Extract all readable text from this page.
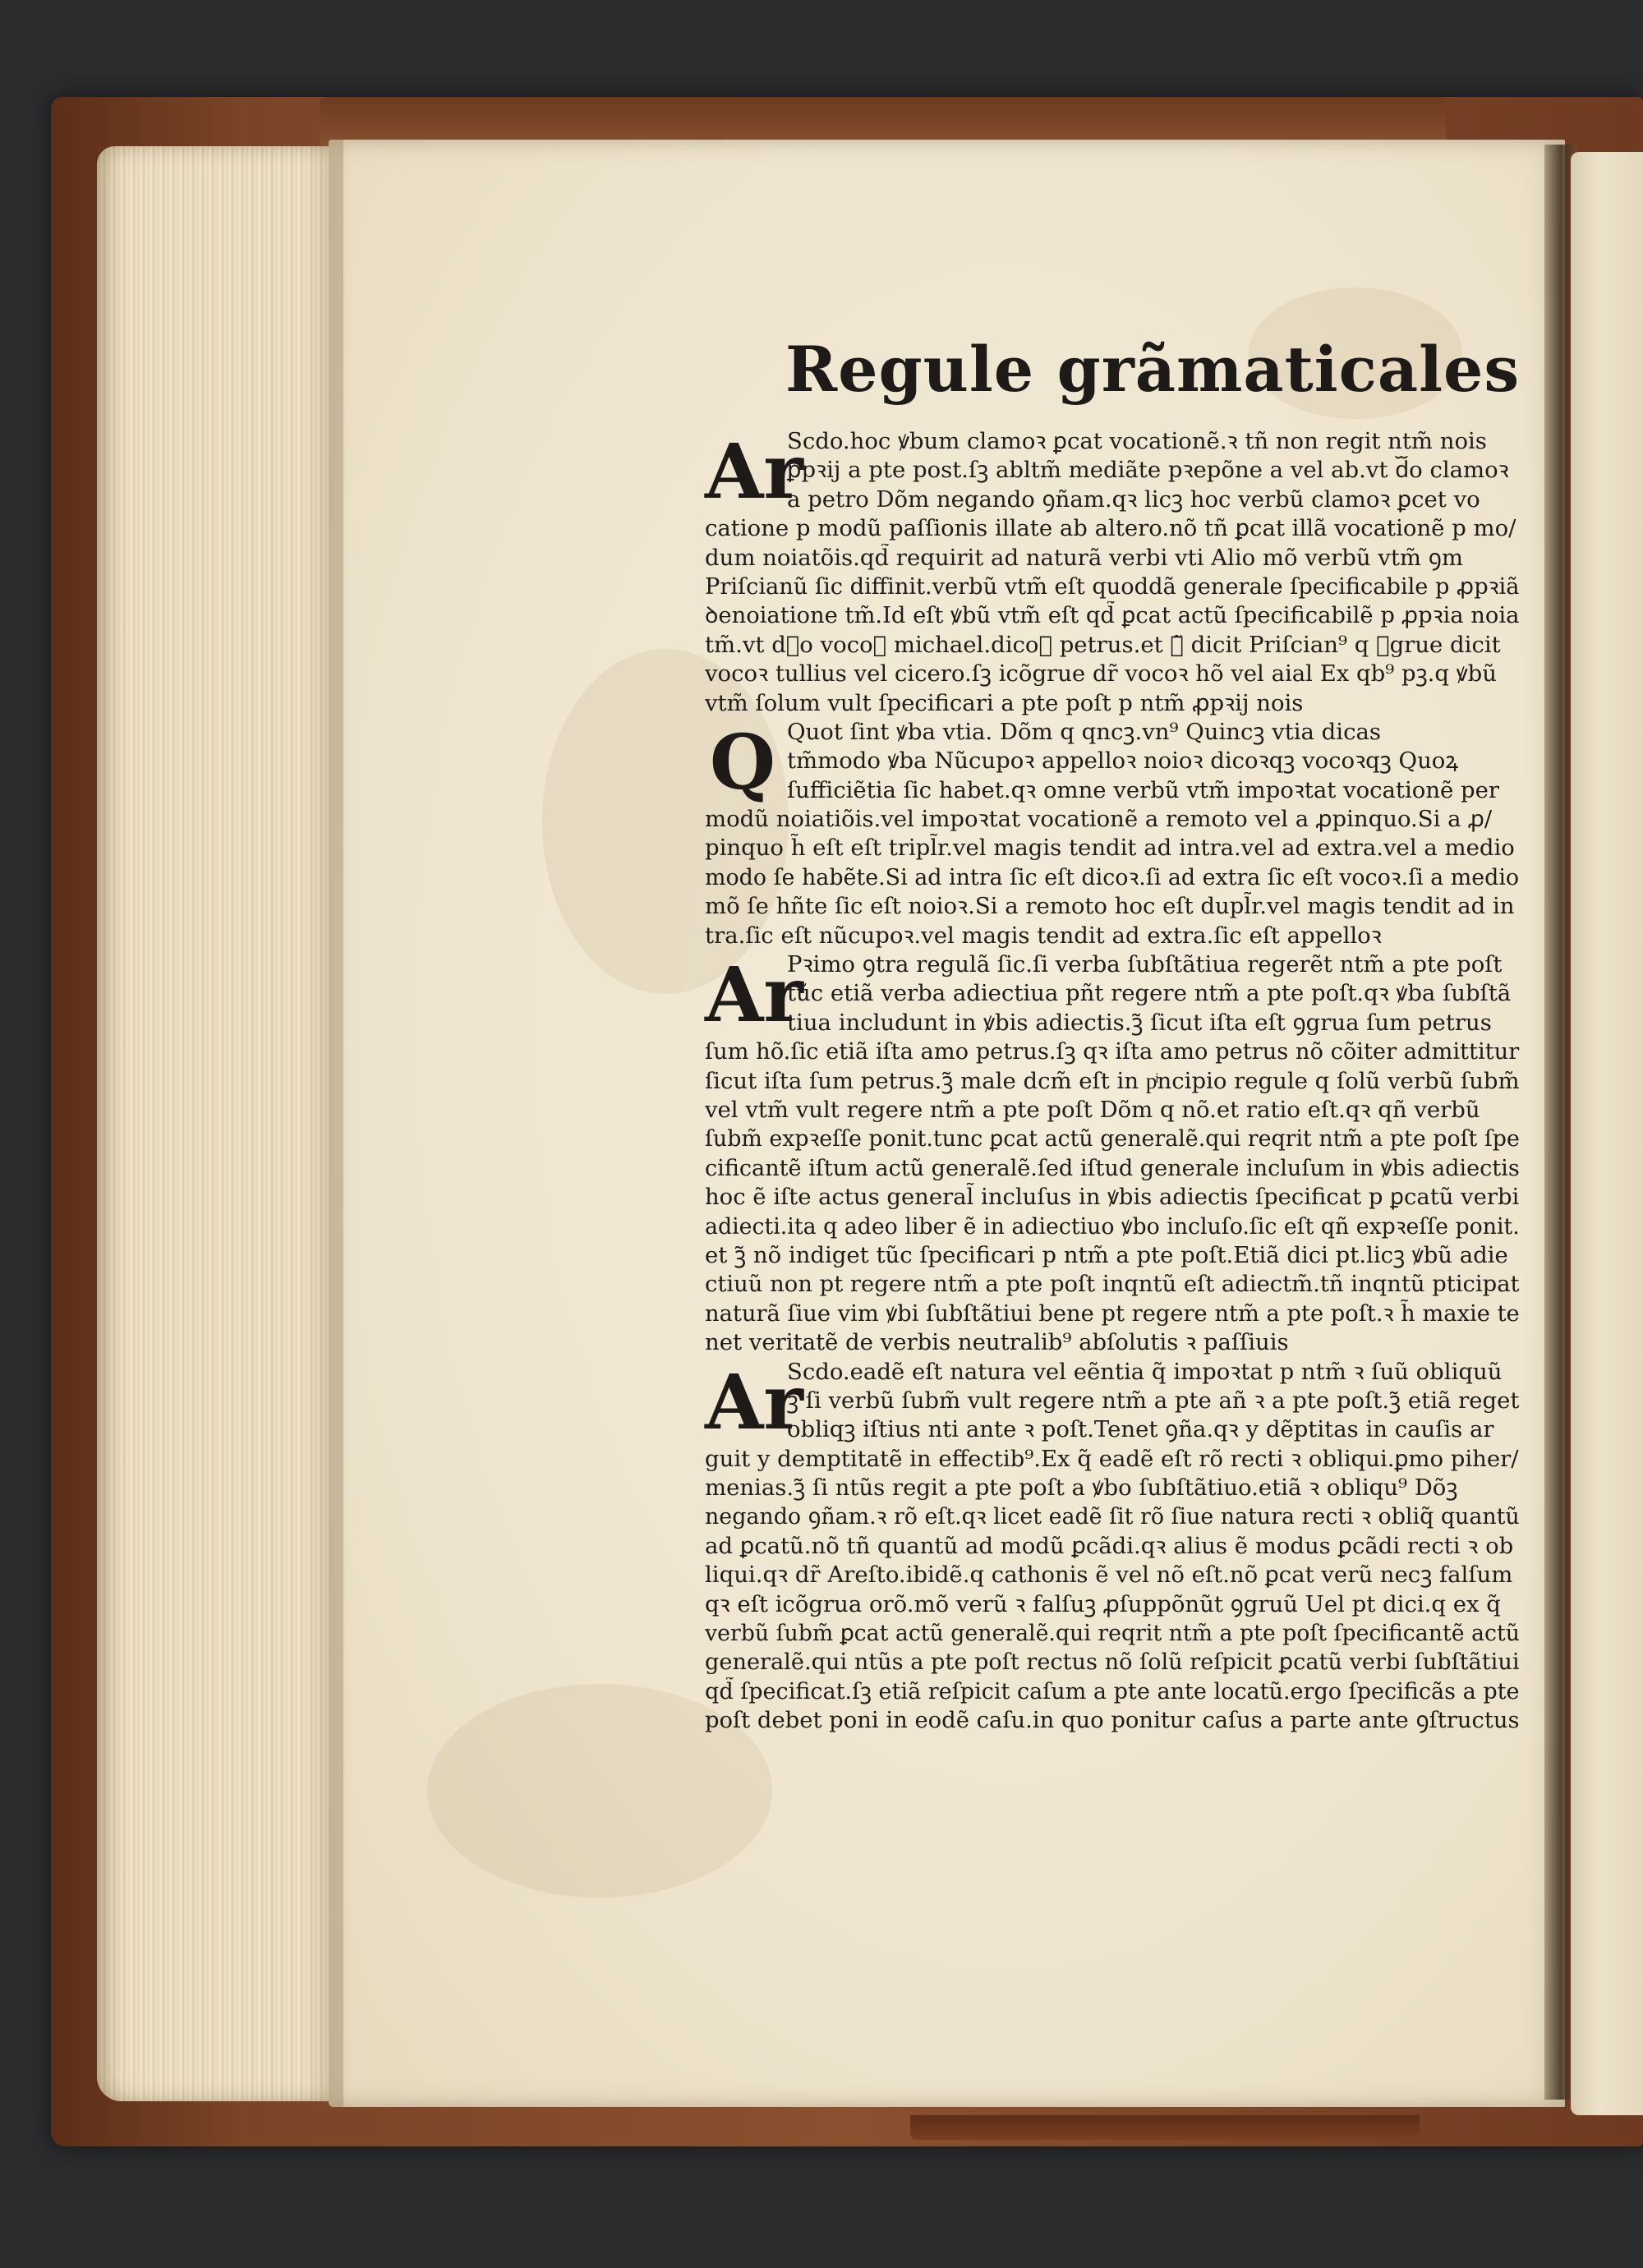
Regule grãmaticales
Ar
Scdo.hoc ꝟbum clamoꝛ ꝑcat vocationẽ.ꝛ tñ non regit ntm̃ nois
ꝑpꝛij a pte post.ſꝫ abltm̃ mediãte pꝛepõne a vel ab.vt dᷓo clamoꝛ
a petro Dõm negando ꝯñam.qꝛ licꝫ hoc verbũ clamoꝛ ꝑcet vo
catione p modũ paſſionis illate ab altero.nõ tñ ꝑcat illã vocationẽ p mo/
dum noiatõis.qd̃ requirit ad naturã verbi vti Alio mõ verbũ vtm̃ ꝯm
Priſcianũ ſic diffinit.verbũ vtm̃ eſt quoddã generale ſpecificabile p ꝓpꝛiã
ꝺenoiatione tm̃.Id eſt ꝟbũ vtm̃ eſt qd̃ ꝑcat actũ ſpecificabilẽ p ꝓpꝛia noia
tm̃.vt dᷓo vocoꝛ michael.dicoꝛ petrus.et ꝫ̃ dicit Priſcian⁹ q ꝯgrue dicit
vocoꝛ tullius vel cicero.ſꝫ icõgrue dr̃ vocoꝛ hõ vel aial Ex qb⁹ pꝫ.q ꝟbũ
vtm̃ ſolum vult ſpecificari a pte poſt p ntm̃ ꝓpꝛij nois
Q Quot ſint ꝟba vtia. Dõm q qncꝫ.vn⁹ Quincꝫ vtia dicas
tm̃modo ꝟba Nũcupoꝛ appelloꝛ noioꝛ dicoꝛqꝫ vocoꝛqꝫ Quoꝝ
ſufficiẽtia ſic habet.qꝛ omne verbũ vtm̃ impoꝛtat vocationẽ per
modũ noiatiõis.vel impoꝛtat vocationẽ a remoto vel a ꝓpinquo.Si a ꝓ/
pinquo h̃ eſt eſt tripl̃r.vel magis tendit ad intra.vel ad extra.vel a medio
modo ſe habẽte.Si ad intra ſic eſt dicoꝛ.ſi ad extra ſic eſt vocoꝛ.ſi a medio
mõ ſe hñte ſic eſt noioꝛ.Si a remoto hoc eſt dupl̃r.vel magis tendit ad in
tra.ſic eſt nũcupoꝛ.vel magis tendit ad extra.ſic eſt appelloꝛ
Ar
Pꝛimo ꝯtra regulã ſic.ſi verba ſubſtãtiua regerẽt ntm̃ a pte poſt
tũc etiã verba adiectiua pñt regere ntm̃ a pte poſt.qꝛ ꝟba ſubſtã
tiua includunt in ꝟbis adiectis.ꝫ̃ ſicut iſta eſt ꝯgrua ſum petrus
ſum hõ.ſic etiã iſta amo petrus.ſꝫ qꝛ iſta amo petrus nõ cõiter admittitur
ſicut iſta ſum petrus.ꝫ̃ male dcm̃ eſt in pͥncipio regule q ſolũ verbũ ſubm̃
vel vtm̃ vult regere ntm̃ a pte poſt Dõm q nõ.et ratio eſt.qꝛ qñ verbũ
ſubm̃ expꝛeſſe ponit.tunc ꝑcat actũ generalẽ.qui reqrit ntm̃ a pte poſt ſpe
cificantẽ iſtum actũ generalẽ.ſed iſtud generale incluſum in ꝟbis adiectis
hoc ẽ iſte actus general̃ incluſus in ꝟbis adiectis ſpecificat p ꝑcatũ verbi
adiecti.ita q adeo liber ẽ in adiectiuo ꝟbo incluſo.ſic eſt qñ expꝛeſſe ponit.
et ꝫ̃ nõ indiget tũc ſpecificari p ntm̃ a pte poſt.Etiã dici pt.licꝫ ꝟbũ adie
ctiuũ non pt regere ntm̃ a pte poſt inqntũ eſt adiectm̃.tñ inqntũ pticipat
naturã ſiue vim ꝟbi ſubſtãtiui bene pt regere ntm̃ a pte poſt.ꝛ h̃ maxie te
net veritatẽ de verbis neutralib⁹ abſolutis ꝛ paſſiuis
Ar
Scdo.eadẽ eſt natura vel eẽntia q̃ impoꝛtat p ntm̃ ꝛ ſuũ obliquũ
ꝫ̃ ſi verbũ ſubm̃ vult regere ntm̃ a pte añ ꝛ a pte poſt.ꝫ̃ etiã reget
obliqꝫ iſtius nti ante ꝛ poſt.Tenet ꝯña.qꝛ y dẽptitas in cauſis ar
guit y demptitatẽ in effectib⁹.Ex q̃ eadẽ eſt rõ recti ꝛ obliqui.ꝑmo piher/
menias.ꝫ̃ ſi ntũs regit a pte poſt a ꝟbo ſubſtãtiuo.etiã ꝛ obliqu⁹ Dõꝫ
negando ꝯñam.ꝛ rõ eſt.qꝛ licet eadẽ ſit rõ ſiue natura recti ꝛ obliq̃ quantũ
ad ꝑcatũ.nõ tñ quantũ ad modũ ꝑcãdi.qꝛ alius ẽ modus ꝑcãdi recti ꝛ ob
liqui.qꝛ dr̃ Areſto.ibidẽ.q cathonis ẽ vel nõ eſt.nõ ꝑcat verũ necꝫ falſum
qꝛ eſt icõgrua orõ.mõ verũ ꝛ falſuꝫ ꝓſuppõnũt ꝯgruũ Uel pt dici.q ex q̃
verbũ ſubm̃ ꝑcat actũ generalẽ.qui reqrit ntm̃ a pte poſt ſpecificantẽ actũ
generalẽ.qui ntũs a pte poſt rectus nõ ſolũ reſpicit ꝑcatũ verbi ſubſtãtiui
qd̃ ſpecificat.ſꝫ etiã reſpicit caſum a pte ante locatũ.ergo ſpecificãs a pte
poſt debet poni in eodẽ caſu.in quo ponitur caſus a parte ante ꝯſtructus
